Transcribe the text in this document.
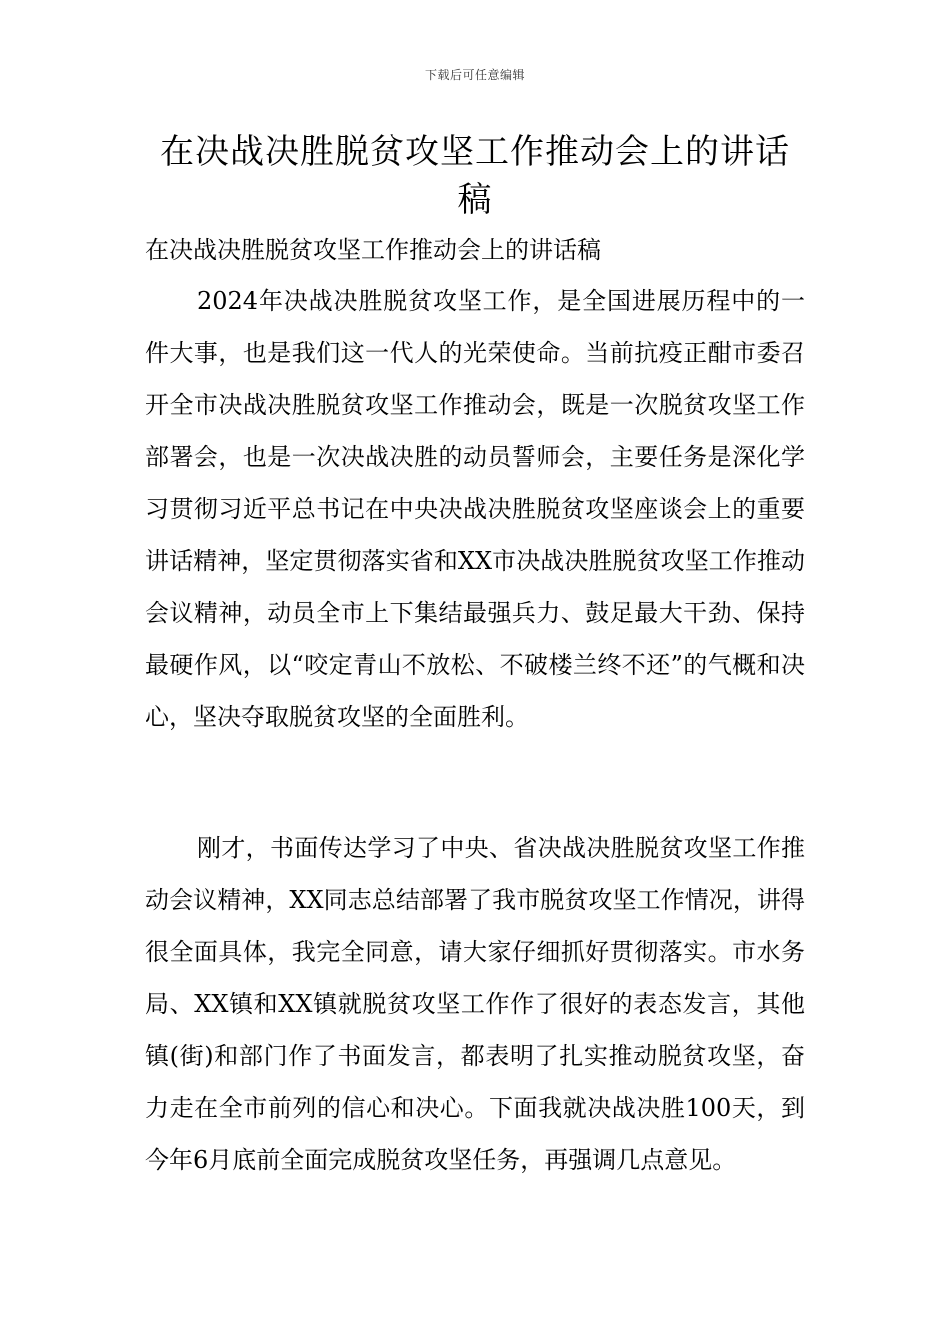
下载后可任意编辑
在决战决胜脱贫攻坚工作推动会上的讲话稿

在决战决胜脱贫攻坚工作推动会上的讲话稿

2024年决战决胜脱贫攻坚工作，是全国进展历程中的一件大事，也是我们这一代人的光荣使命。当前抗疫正酣市委召开全市决战决胜脱贫攻坚工作推动会，既是一次脱贫攻坚工作部署会，也是一次决战决胜的动员誓师会，主要任务是深化学习贯彻习近平总书记在中央决战决胜脱贫攻坚座谈会上的重要讲话精神，坚定贯彻落实省和XX市决战决胜脱贫攻坚工作推动会议精神，动员全市上下集结最强兵力、鼓足最大干劲、保持最硬作风，以“咬定青山不放松、不破楼兰终不还”的气概和决心，坚决夺取脱贫攻坚的全面胜利。

刚才，书面传达学习了中央、省决战决胜脱贫攻坚工作推动会议精神，XX同志总结部署了我市脱贫攻坚工作情况，讲得很全面具体，我完全同意，请大家仔细抓好贯彻落实。市水务局、XX镇和XX镇就脱贫攻坚工作作了很好的表态发言，其他镇(街)和部门作了书面发言，都表明了扎实推动脱贫攻坚，奋力走在全市前列的信心和决心。下面我就决战决胜100天，到今年6月底前全面完成脱贫攻坚任务，再强调几点意见。
